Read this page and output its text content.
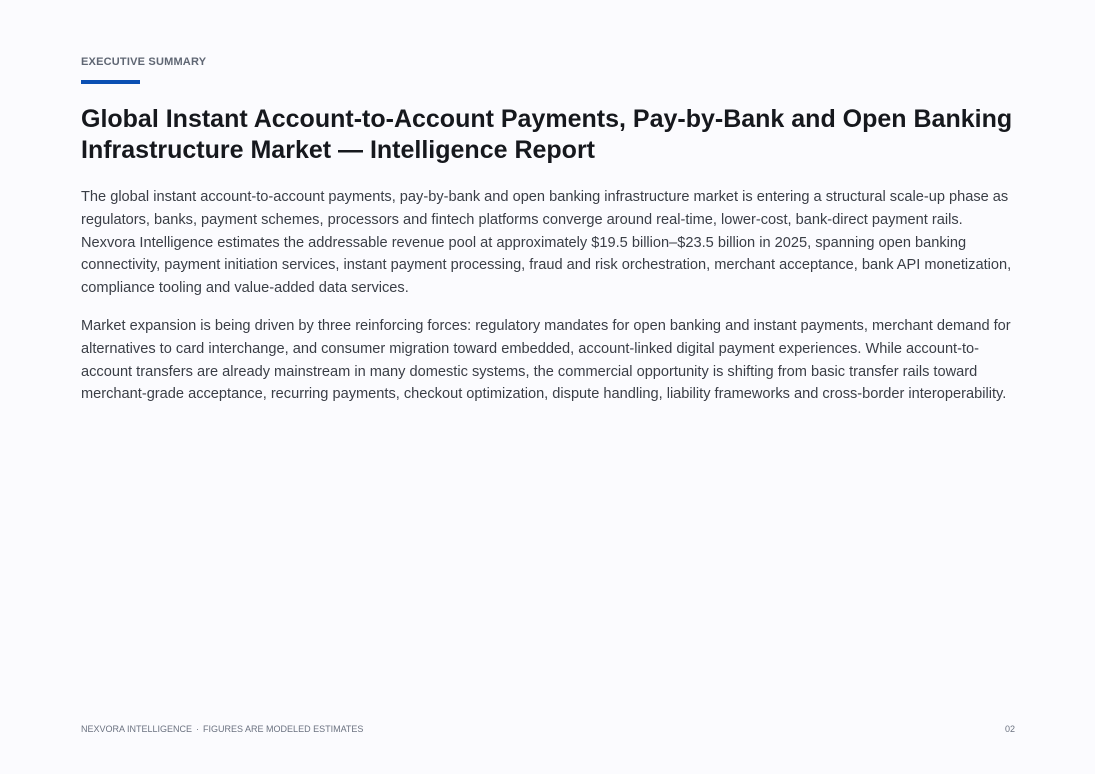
EXECUTIVE SUMMARY
Global Instant Account-to-Account Payments, Pay-by-Bank and Open Banking Infrastructure Market — Intelligence Report

The global instant account-to-account payments, pay-by-bank and open banking infrastructure market is entering a structural scale-up phase as regulators, banks, payment schemes, processors and fintech platforms converge around real-time, lower-cost, bank-direct payment rails. Nexvora Intelligence estimates the addressable revenue pool at approximately $19.5 billion–$23.5 billion in 2025, spanning open banking connectivity, payment initiation services, instant payment processing, fraud and risk orchestration, merchant acceptance, bank API monetization, compliance tooling and value-added data services.

Market expansion is being driven by three reinforcing forces: regulatory mandates for open banking and instant payments, merchant demand for alternatives to card interchange, and consumer migration toward embedded, account-linked digital payment experiences. While account-to-account transfers are already mainstream in many domestic systems, the commercial opportunity is shifting from basic transfer rails toward merchant-grade acceptance, recurring payments, checkout optimization, dispute handling, liability frameworks and cross-border interoperability.

NEXVORA INTELLIGENCE · FIGURES ARE MODELED ESTIMATES	02
